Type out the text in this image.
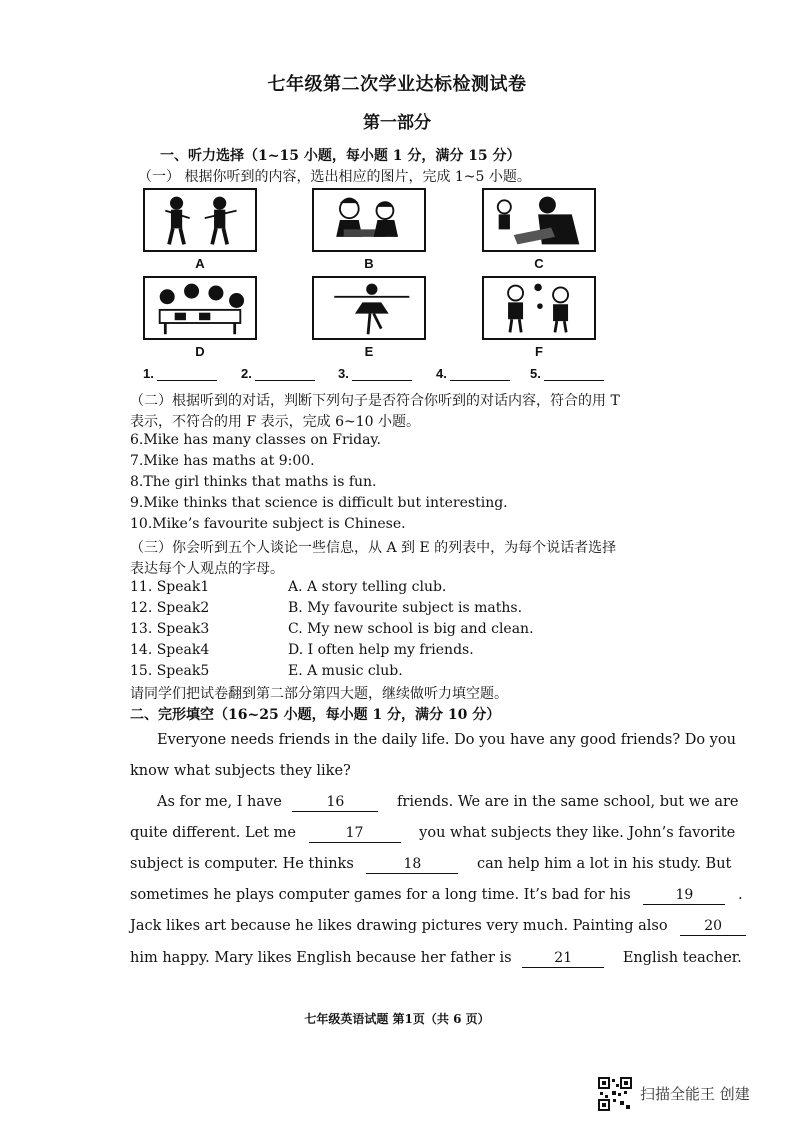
七年级第二次学业达标检测试卷
第一部分
一、听力选择（1~15 小题，每小题 1 分，满分 15 分）
（一） 根据你听到的内容，选出相应的图片，完成 1~5 小题。
A	B	C
D	E	F
1.	2.	3.	4.	5.
（二）根据听到的对话，判断下列句子是否符合你听到的对话内容，符合的用 T
表示，不符合的用 F 表示，完成 6~10 小题。
6.Mike has many classes on Friday.
7.Mike has maths at 9:00.
8.The girl thinks that maths is fun.
9.Mike thinks that science is difficult but interesting.
10.Mike’s favourite subject is Chinese.
（三）你会听到五个人谈论一些信息，从 A 到 E 的列表中，为每个说话者选择
表达每个人观点的字母。
11. Speak1	A. A story telling club.
12. Speak2	B. My favourite subject is maths.
13. Speak3	C. My new school is big and clean.
14. Speak4	D. I often help my friends.
15. Speak5	E. A music club.
请同学们把试卷翻到第二部分第四大题，继续做听力填空题。
二、完形填空（16~25 小题，每小题 1 分，满分 10 分）
Everyone needs friends in the daily life. Do you have any good friends? Do you
know what subjects they like?
As for me, I have	16	friends. We are in the same school, but we are
quite different. Let me	17	you what subjects they like. John’s favorite
subject is computer. He thinks	18	can help him a lot in his study. But
sometimes he plays computer games for a long time. It’s bad for his	19	.
Jack likes art because he likes drawing pictures very much. Painting also	20
him happy. Mary likes English because her father is	21	English teacher.
七年级英语试题 第1页（共 6 页）
扫描全能王 创建
